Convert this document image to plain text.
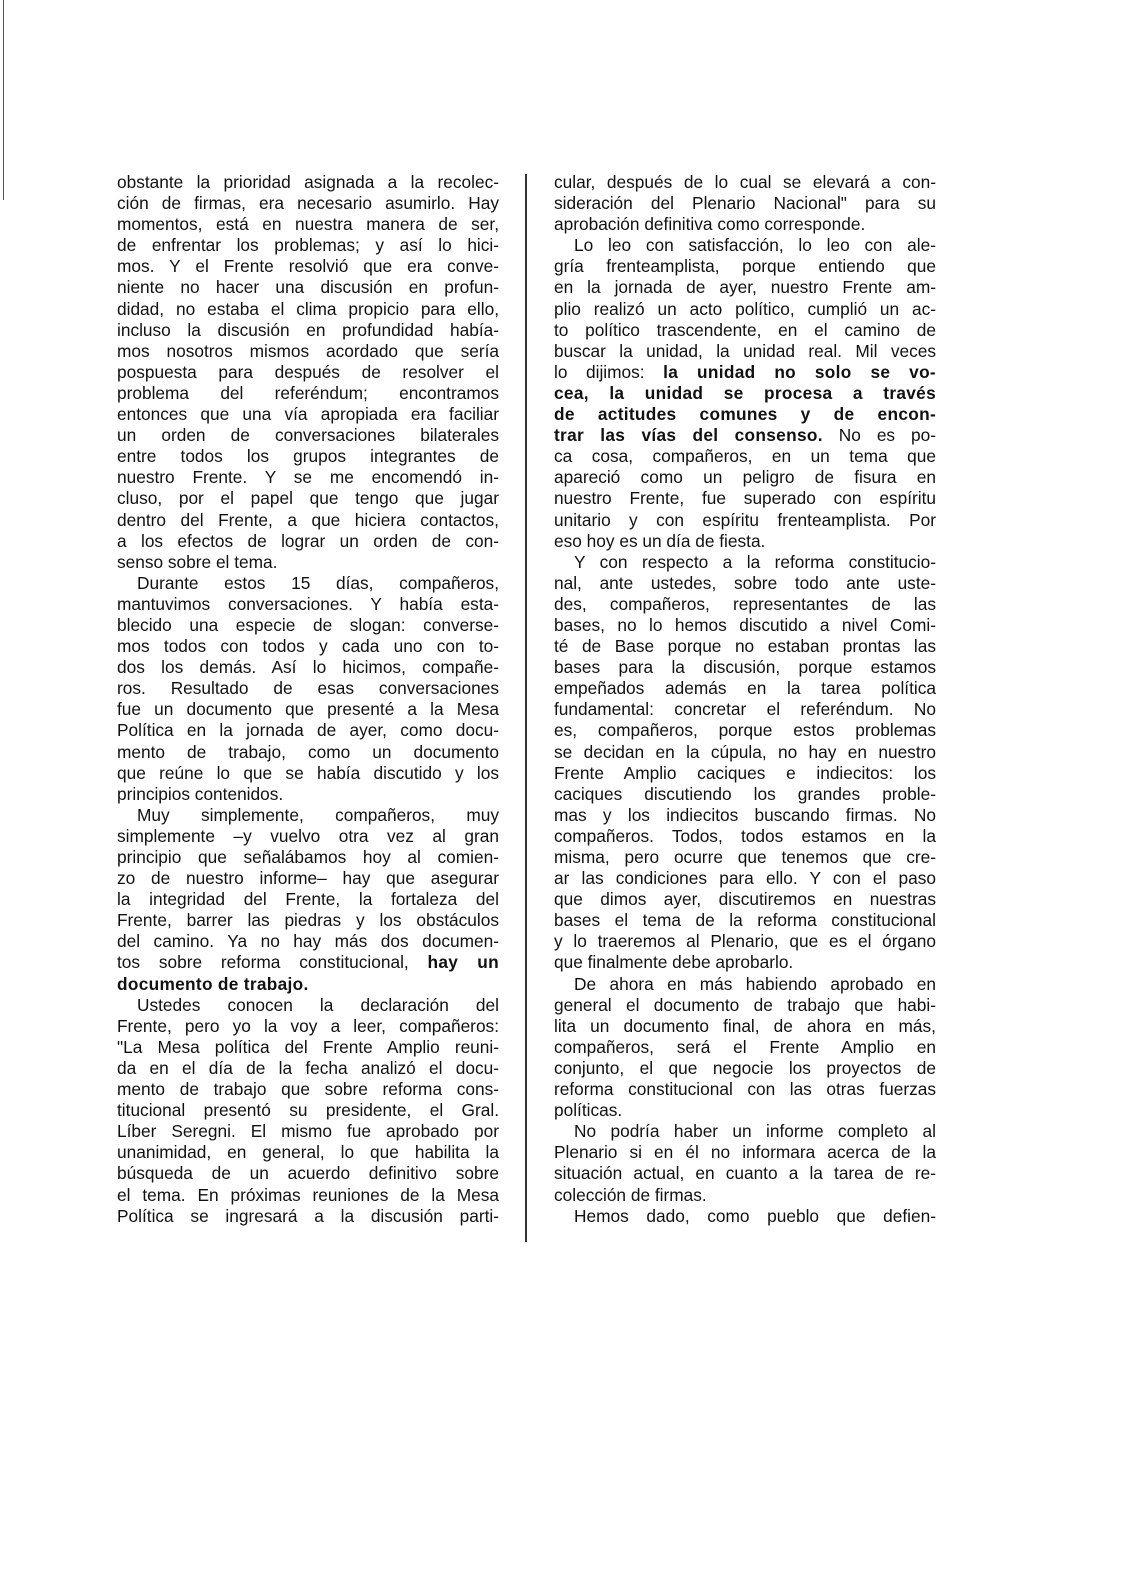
obstante la prioridad asignada a la recolec-
ción de firmas, era necesario asumirlo. Hay
momentos, está en nuestra manera de ser,
de enfrentar los problemas; y así lo hici-
mos. Y el Frente resolvió que era conve-
niente no hacer una discusión en profun-
didad, no estaba el clima propicio para ello,
incluso la discusión en profundidad había-
mos nosotros mismos acordado que sería
pospuesta para después de resolver el
problema del referéndum; encontramos
entonces que una vía apropiada era faciliar
un orden de conversaciones bilaterales
entre todos los grupos integrantes de
nuestro Frente. Y se me encomendó in-
cluso, por el papel que tengo que jugar
dentro del Frente, a que hiciera contactos,
a los efectos de lograr un orden de con-
senso sobre el tema.
Durante estos 15 días, compañeros,
mantuvimos conversaciones. Y había esta-
blecido una especie de slogan: converse-
mos todos con todos y cada uno con to-
dos los demás. Así lo hicimos, compañe-
ros. Resultado de esas conversaciones
fue un documento que presenté a la Mesa
Política en la jornada de ayer, como docu-
mento de trabajo, como un documento
que reúne lo que se había discutido y los
principios contenidos.
Muy simplemente, compañeros, muy
simplemente –y vuelvo otra vez al gran
principio que señalábamos hoy al comien-
zo de nuestro informe– hay que asegurar
la integridad del Frente, la fortaleza del
Frente, barrer las piedras y los obstáculos
del camino. Ya no hay más dos documen-
tos sobre reforma constitucional, hay un
documento de trabajo.
Ustedes conocen la declaración del
Frente, pero yo la voy a leer, compañeros:
"La Mesa política del Frente Amplio reuni-
da en el día de la fecha analizó el docu-
mento de trabajo que sobre reforma cons-
titucional presentó su presidente, el Gral.
Líber Seregni. El mismo fue aprobado por
unanimidad, en general, lo que habilita la
búsqueda de un acuerdo definitivo sobre
el tema. En próximas reuniones de la Mesa
Política se ingresará a la discusión parti-
cular, después de lo cual se elevará a con-
sideración del Plenario Nacional" para su
aprobación definitiva como corresponde.
Lo leo con satisfacción, lo leo con ale-
gría frenteamplista, porque entiendo que
en la jornada de ayer, nuestro Frente am-
plio realizó un acto político, cumplió un ac-
to político trascendente, en el camino de
buscar la unidad, la unidad real. Mil veces
lo dijimos: la unidad no solo se vo-
cea, la unidad se procesa a través
de actitudes comunes y de encon-
trar las vías del consenso. No es po-
ca cosa, compañeros, en un tema que
apareció como un peligro de fisura en
nuestro Frente, fue superado con espíritu
unitario y con espíritu frenteamplista. Por
eso hoy es un día de fiesta.
Y con respecto a la reforma constitucio-
nal, ante ustedes, sobre todo ante uste-
des, compañeros, representantes de las
bases, no lo hemos discutido a nivel Comi-
té de Base porque no estaban prontas las
bases para la discusión, porque estamos
empeñados además en la tarea política
fundamental: concretar el referéndum. No
es, compañeros, porque estos problemas
se decidan en la cúpula, no hay en nuestro
Frente Amplio caciques e indiecitos: los
caciques discutiendo los grandes proble-
mas y los indiecitos buscando firmas. No
compañeros. Todos, todos estamos en la
misma, pero ocurre que tenemos que cre-
ar las condiciones para ello. Y con el paso
que dimos ayer, discutiremos en nuestras
bases el tema de la reforma constitucional
y lo traeremos al Plenario, que es el órgano
que finalmente debe aprobarlo.
De ahora en más habiendo aprobado en
general el documento de trabajo que habi-
lita un documento final, de ahora en más,
compañeros, será el Frente Amplio en
conjunto, el que negocie los proyectos de
reforma constitucional con las otras fuerzas
políticas.
No podría haber un informe completo al
Plenario si en él no informara acerca de la
situación actual, en cuanto a la tarea de re-
colección de firmas.
Hemos dado, como pueblo que defien-
